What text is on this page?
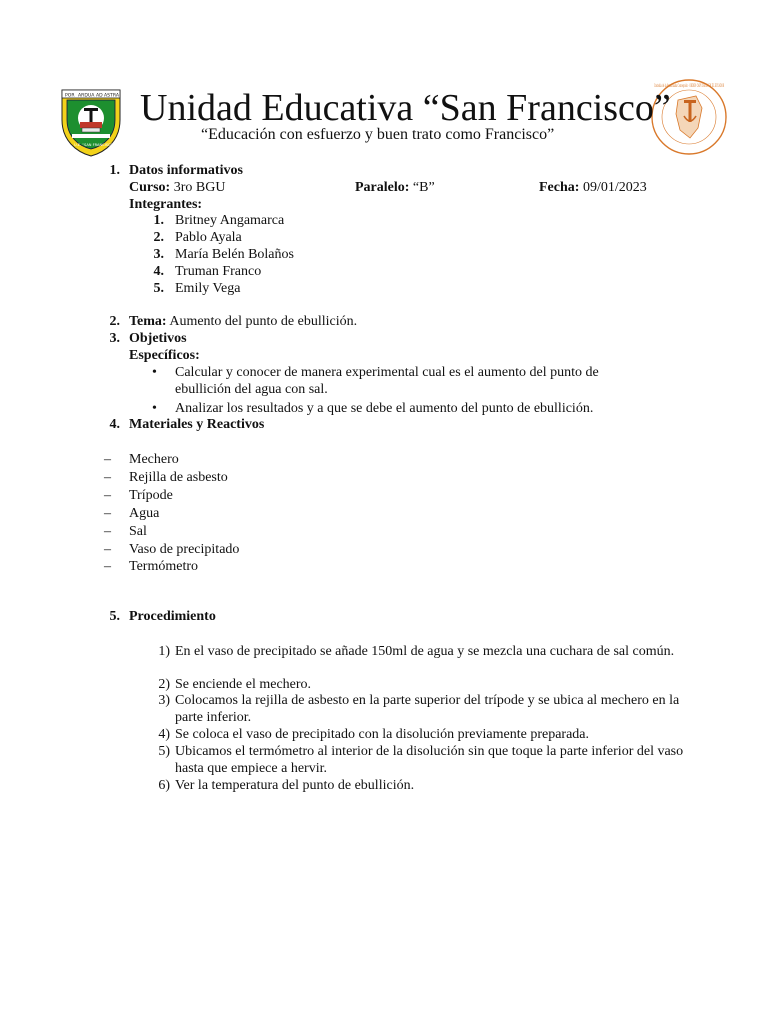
POR ARDUA AD ASTRA
U.E. "SAN FRANCISCO"
Custodia de la Inmaculada Concepción · ORDEN CAPUCHINA EN EL ECUADOR
Unidad Educativa “San Francisco”
“Educación con esfuerzo y buen trato como Francisco”
1. Datos informativos
Curso: 3ro BGU	Paralelo: “B”	Fecha: 09/01/2023
Integrantes:
1. Britney Angamarca
2. Pablo Ayala
3. María Belén Bolaños
4. Truman Franco
5. Emily Vega
2. Tema: Aumento del punto de ebullición.
3. Objetivos
Específicos:
• Calcular y conocer de manera experimental cual es el aumento del punto de ebullición del agua con sal.
• Analizar los resultados y a que se debe el aumento del punto de ebullición.
4. Materiales y Reactivos
– Mechero
– Rejilla de asbesto
– Trípode
– Agua
– Sal
– Vaso de precipitado
– Termómetro
5. Procedimiento
1) En el vaso de precipitado se añade 150ml de agua y se mezcla una cuchara de sal común.
2) Se enciende el mechero.
3) Colocamos la rejilla de asbesto en la parte superior del trípode y se ubica al mechero en la parte inferior.
4) Se coloca el vaso de precipitado con la disolución previamente preparada.
5) Ubicamos el termómetro al interior de la disolución sin que toque la parte inferior del vaso hasta que empiece a hervir.
6) Ver la temperatura del punto de ebullición.
